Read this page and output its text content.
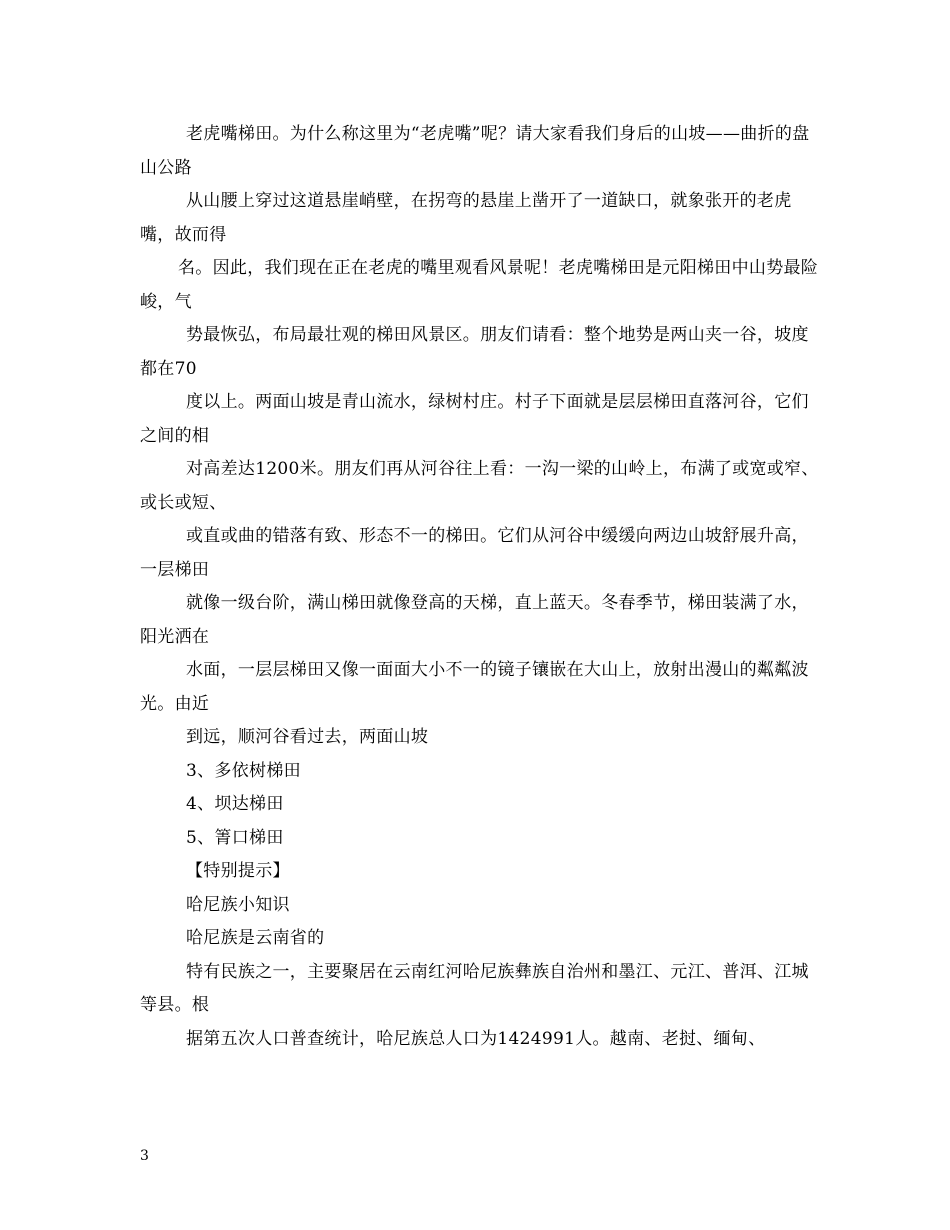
老虎嘴梯田。为什么称这里为“老虎嘴”呢？请大家看我们身后的山坡——曲折的盘山公路

从山腰上穿过这道悬崖峭壁，在拐弯的悬崖上凿开了一道缺口，就象张开的老虎嘴，故而得

名。因此，我们现在正在老虎的嘴里观看风景呢！老虎嘴梯田是元阳梯田中山势最险峻，气

势最恢弘，布局最壮观的梯田风景区。朋友们请看：整个地势是两山夹一谷，坡度都在70

度以上。两面山坡是青山流水，绿树村庄。村子下面就是层层梯田直落河谷，它们之间的相

对高差达1200米。朋友们再从河谷往上看：一沟一梁的山岭上，布满了或宽或窄、或长或短、

或直或曲的错落有致、形态不一的梯田。它们从河谷中缓缓向两边山坡舒展升高，一层梯田

就像一级台阶，满山梯田就像登高的天梯，直上蓝天。冬春季节，梯田装满了水，阳光洒在

水面，一层层梯田又像一面面大小不一的镜子镶嵌在大山上，放射出漫山的粼粼波光。由近

到远，顺河谷看过去，两面山坡

3、多依树梯田

4、坝达梯田

5、箐口梯田

【特别提示】

哈尼族小知识

哈尼族是云南省的

特有民族之一，主要聚居在云南红河哈尼族彝族自治州和墨江、元江、普洱、江城等县。根

据第五次人口普查统计，哈尼族总人口为1424991人。越南、老挝、缅甸、

3
